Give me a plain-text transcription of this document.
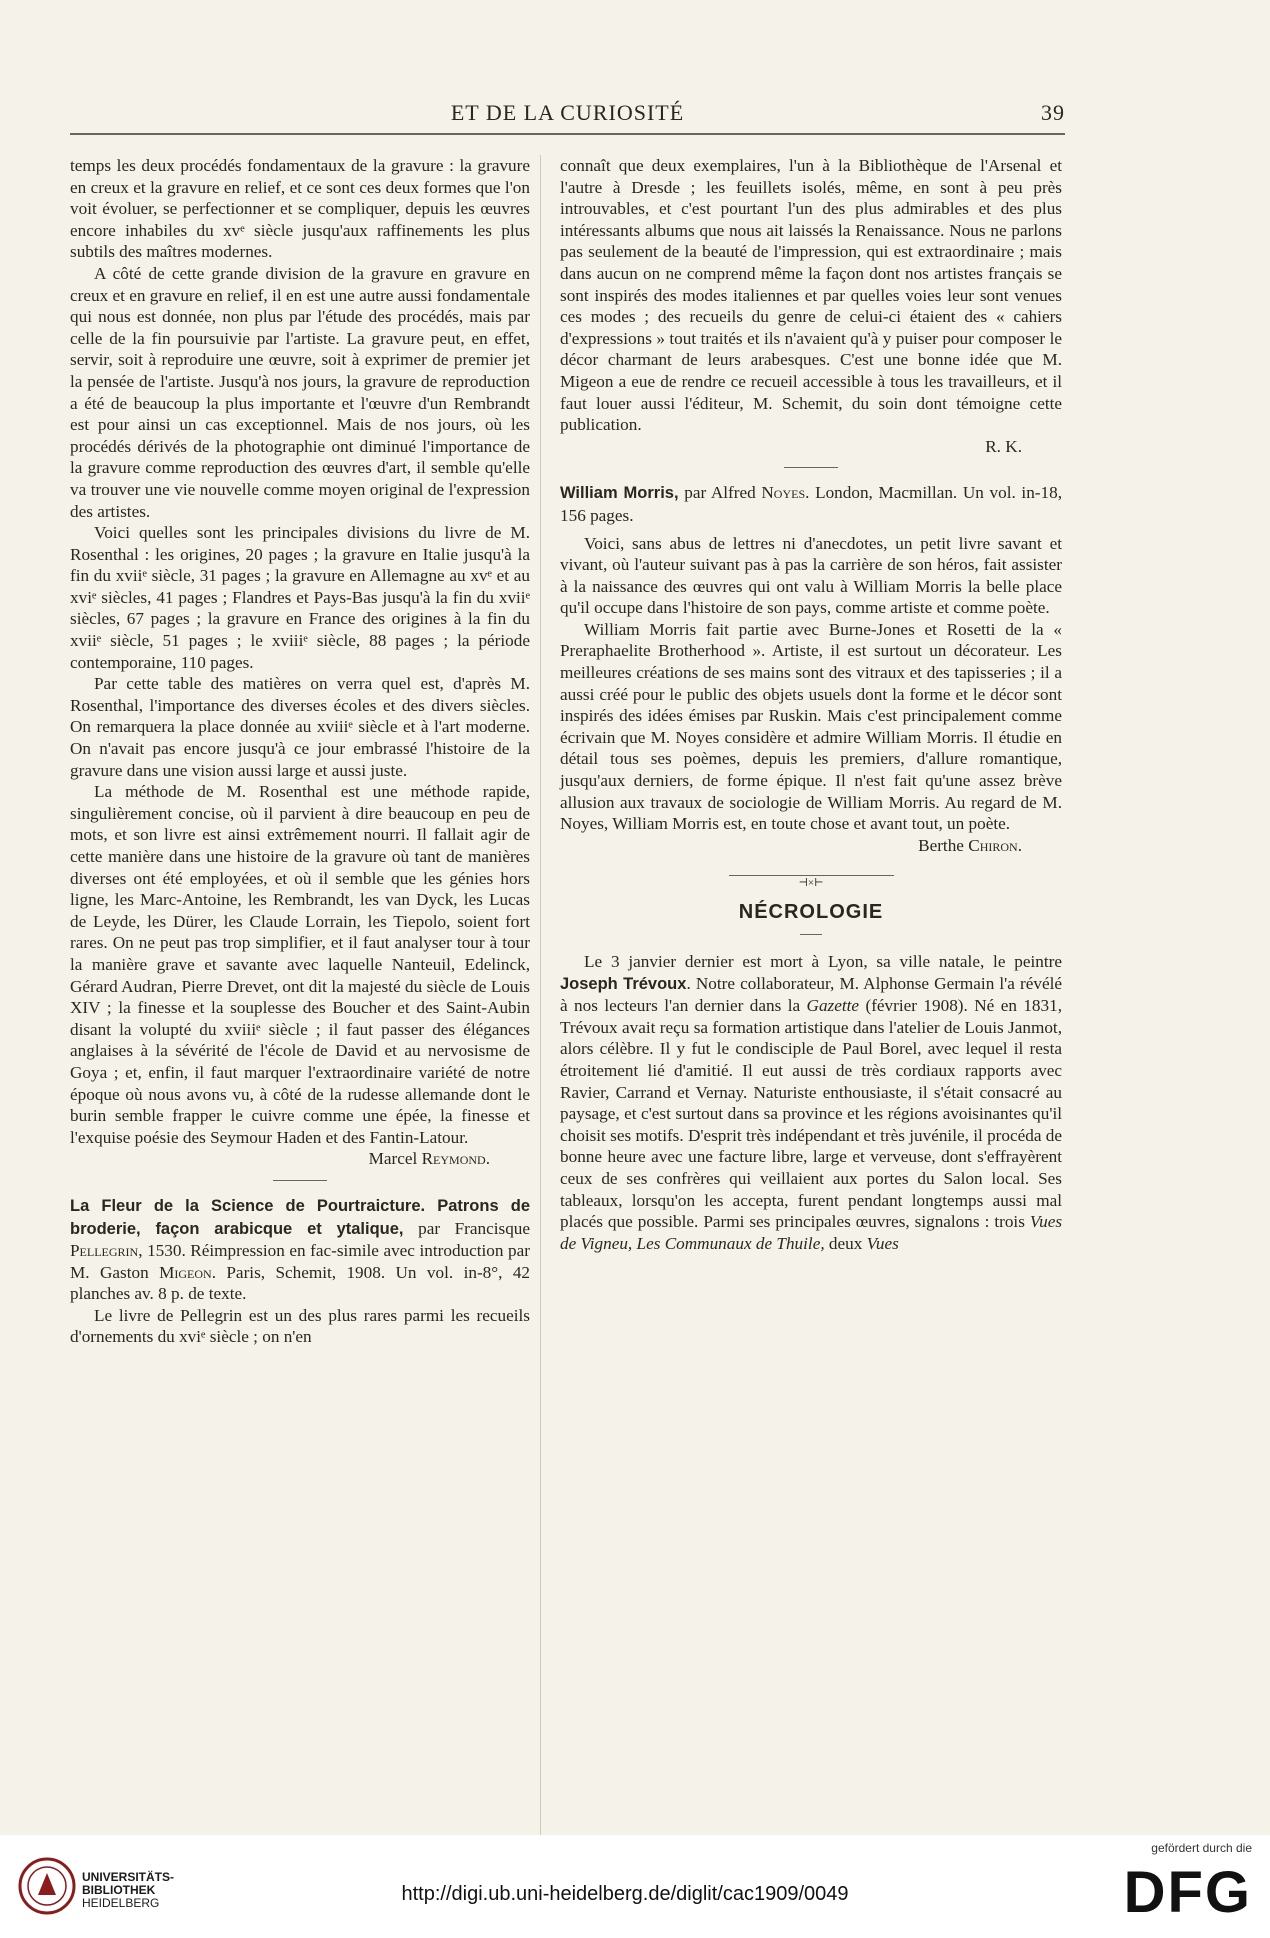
ET DE LA CURIOSITÉ	39

temps les deux procédés fondamentaux de la gravure : la gravure en creux et la gravure en relief, et ce sont ces deux formes que l'on voit évoluer, se perfectionner et se compliquer, depuis les œuvres encore inhabiles du xvᵉ siècle jusqu'aux raffinements les plus subtils des maîtres modernes.

A côté de cette grande division de la gravure en gravure en creux et en gravure en relief, il en est une autre aussi fondamentale qui nous est donnée, non plus par l'étude des procédés, mais par celle de la fin poursuivie par l'artiste. La gravure peut, en effet, servir, soit à reproduire une œuvre, soit à exprimer de premier jet la pensée de l'artiste. Jusqu'à nos jours, la gravure de reproduction a été de beaucoup la plus importante et l'œuvre d'un Rembrandt est pour ainsi un cas exceptionnel. Mais de nos jours, où les procédés dérivés de la photographie ont diminué l'importance de la gravure comme reproduction des œuvres d'art, il semble qu'elle va trouver une vie nouvelle comme moyen original de l'expression des artistes.

Voici quelles sont les principales divisions du livre de M. Rosenthal : les origines, 20 pages ; la gravure en Italie jusqu'à la fin du xviiᵉ siècle, 31 pages ; la gravure en Allemagne au xvᵉ et au xviᵉ siècles, 41 pages ; Flandres et Pays-Bas jusqu'à la fin du xviiᵉ siècles, 67 pages ; la gravure en France des origines à la fin du xviiᵉ siècle, 51 pages ; le xviiiᵉ siècle, 88 pages ; la période contemporaine, 110 pages.

Par cette table des matières on verra quel est, d'après M. Rosenthal, l'importance des diverses écoles et des divers siècles. On remarquera la place donnée au xviiiᵉ siècle et à l'art moderne. On n'avait pas encore jusqu'à ce jour embrassé l'histoire de la gravure dans une vision aussi large et aussi juste.

La méthode de M. Rosenthal est une méthode rapide, singulièrement concise, où il parvient à dire beaucoup en peu de mots, et son livre est ainsi extrêmement nourri. Il fallait agir de cette manière dans une histoire de la gravure où tant de manières diverses ont été employées, et où il semble que les génies hors ligne, les Marc-Antoine, les Rembrandt, les van Dyck, les Lucas de Leyde, les Dürer, les Claude Lorrain, les Tiepolo, soient fort rares. On ne peut pas trop simplifier, et il faut analyser tour à tour la manière grave et savante avec laquelle Nanteuil, Edelinck, Gérard Audran, Pierre Drevet, ont dit la majesté du siècle de Louis XIV ; la finesse et la souplesse des Boucher et des Saint-Aubin disant la volupté du xviiiᵉ siècle ; il faut passer des élégances anglaises à la sévérité de l'école de David et au nervosisme de Goya ; et, enfin, il faut marquer l'extraordinaire variété de notre époque où nous avons vu, à côté de la rudesse allemande dont le burin semble frapper le cuivre comme une épée, la finesse et l'exquise poésie des Seymour Haden et des Fantin-Latour.

Marcel Reymond.

La Fleur de la Science de Pourtraicture. Patrons de broderie, façon arabicque et ytalique, par Francisque Pellegrin, 1530. Réimpression en fac-simile avec introduction par M. Gaston Migeon. Paris, Schemit, 1908. Un vol. in-8°, 42 planches av. 8 p. de texte.

Le livre de Pellegrin est un des plus rares parmi les recueils d'ornements du xviᵉ siècle ; on n'en

connaît que deux exemplaires, l'un à la Bibliothèque de l'Arsenal et l'autre à Dresde ; les feuillets isolés, même, en sont à peu près introuvables, et c'est pourtant l'un des plus admirables et des plus intéressants albums que nous ait laissés la Renaissance. Nous ne parlons pas seulement de la beauté de l'impression, qui est extraordinaire ; mais dans aucun on ne comprend même la façon dont nos artistes français se sont inspirés des modes italiennes et par quelles voies leur sont venues ces modes ; des recueils du genre de celui-ci étaient des « cahiers d'expressions » tout traités et ils n'avaient qu'à y puiser pour composer le décor charmant de leurs arabesques. C'est une bonne idée que M. Migeon a eue de rendre ce recueil accessible à tous les travailleurs, et il faut louer aussi l'éditeur, M. Schemit, du soin dont témoigne cette publication.

R. K.

William Morris, par Alfred Noyes. London, Macmillan. Un vol. in-18, 156 pages.

Voici, sans abus de lettres ni d'anecdotes, un petit livre savant et vivant, où l'auteur suivant pas à pas la carrière de son héros, fait assister à la naissance des œuvres qui ont valu à William Morris la belle place qu'il occupe dans l'histoire de son pays, comme artiste et comme poète.

William Morris fait partie avec Burne-Jones et Rosetti de la « Preraphaelite Brotherhood ». Artiste, il est surtout un décorateur. Les meilleures créations de ses mains sont des vitraux et des tapisseries ; il a aussi créé pour le public des objets usuels dont la forme et le décor sont inspirés des idées émises par Ruskin. Mais c'est principalement comme écrivain que M. Noyes considère et admire William Morris. Il étudie en détail tous ses poèmes, depuis les premiers, d'allure romantique, jusqu'aux derniers, de forme épique. Il n'est fait qu'une assez brève allusion aux travaux de sociologie de William Morris. Au regard de M. Noyes, William Morris est, en toute chose et avant tout, un poète.

Berthe Chiron.

⊣×⊢
NÉCROLOGIE

Le 3 janvier dernier est mort à Lyon, sa ville natale, le peintre Joseph Trévoux. Notre collaborateur, M. Alphonse Germain l'a révélé à nos lecteurs l'an dernier dans la Gazette (février 1908). Né en 1831, Trévoux avait reçu sa formation artistique dans l'atelier de Louis Janmot, alors célèbre. Il y fut le condisciple de Paul Borel, avec lequel il resta étroitement lié d'amitié. Il eut aussi de très cordiaux rapports avec Ravier, Carrand et Vernay. Naturiste enthousiaste, il s'était consacré au paysage, et c'est surtout dans sa province et les régions avoisinantes qu'il choisit ses motifs. D'esprit très indépendant et très juvénile, il procéda de bonne heure avec une facture libre, large et verveuse, dont s'effrayèrent ceux de ses confrères qui veillaient aux portes du Salon local. Ses tableaux, lorsqu'on les accepta, furent pendant longtemps aussi mal placés que possible. Parmi ses principales œuvres, signalons : trois Vues de Vigneu, Les Communaux de Thuile, deux Vues

UNIVERSITÄTS-
BIBLIOTHEK
HEIDELBERG	http://digi.ub.uni-heidelberg.de/diglit/cac1909/0049
gefördert durch die
DFG
